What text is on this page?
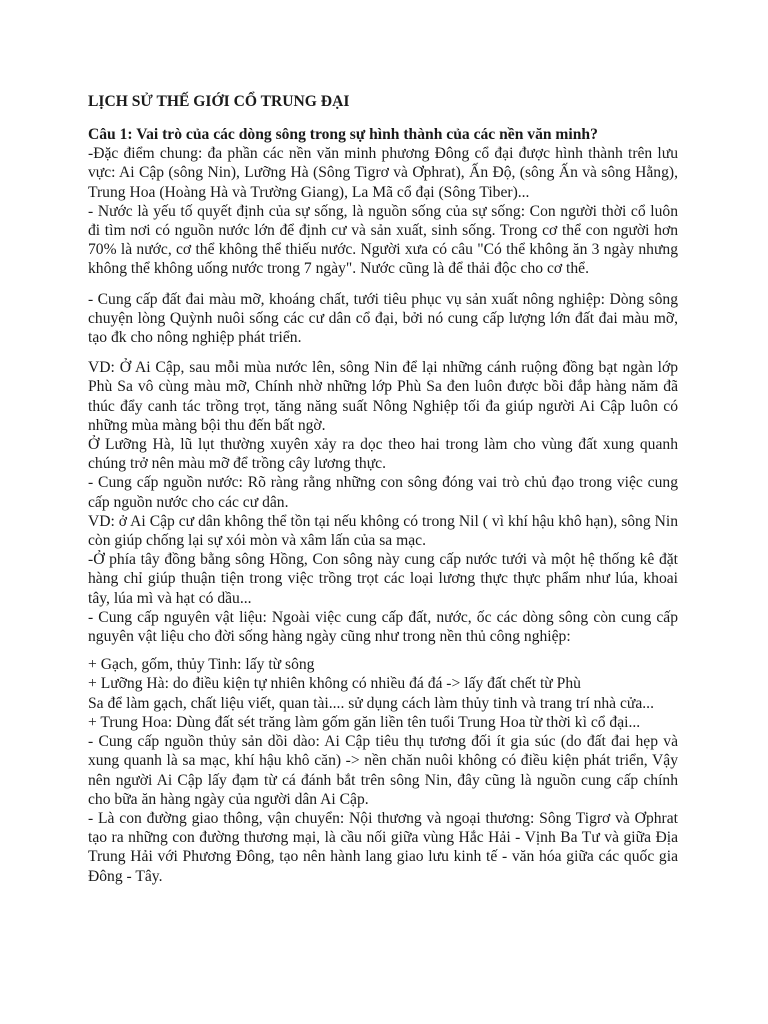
LỊCH SỬ THẾ GIỚI CỔ TRUNG ĐẠI

Câu 1: Vai trò của các dòng sông trong sự hình thành của các nền văn minh?

-Đặc điểm chung: đa phần các nền văn minh phương Đông cổ đại được hình thành trên lưu vực: Ai Cập (sông Nin), Lưỡng Hà (Sông Tigrơ và Ơphrat), Ấn Độ, (sông Ấn và sông Hằng), Trung Hoa (Hoàng Hà và Trường Giang), La Mã cổ đại (Sông Tiber)...

- Nước là yếu tố quyết định của sự sống, là nguồn sống của sự sống: Con người thời cổ luôn đi tìm nơi có nguồn nước lớn để định cư và sản xuất, sinh sống. Trong cơ thể con người hơn 70% là nước, cơ thể không thể thiếu nước. Người xưa có câu "Có thể không ăn 3 ngày nhưng không thể không uống nước trong 7 ngày". Nước cũng là để thải độc cho cơ thể.

- Cung cấp đất đai màu mỡ, khoáng chất, tưới tiêu phục vụ sản xuất nông nghiệp: Dòng sông chuyện lòng Quỳnh nuôi sống các cư dân cổ đại, bởi nó cung cấp lượng lớn đất đai màu mỡ, tạo đk cho nông nghiệp phát triển.

VD: Ở Ai Cập, sau mỗi mùa nước lên, sông Nin để lại những cánh ruộng đồng bạt ngàn lớp Phù Sa vô cùng màu mỡ, Chính nhờ những lớp Phù Sa đen luôn được bồi đắp hàng năm đã thúc đẩy canh tác trồng trọt, tăng năng suất Nông Nghiệp tối đa giúp người Ai Cập luôn có những mùa màng bội thu đến bất ngờ.

Ở Lưỡng Hà, lũ lụt thường xuyên xảy ra dọc theo hai trong làm cho vùng đất xung quanh chúng trở nên màu mỡ để trồng cây lương thực.

- Cung cấp nguồn nước: Rõ ràng rằng những con sông đóng vai trò chủ đạo trong việc cung cấp nguồn nước cho các cư dân.

VD: ở Ai Cập cư dân không thể tồn tại nếu không có trong Nil ( vì khí hậu khô hạn), sông Nin còn giúp chống lại sự xói mòn và xâm lấn của sa mạc.

-Ở phía tây đồng bằng sông Hồng, Con sông này cung cấp nước tưới và một hệ thống kê đặt hàng chỉ giúp thuận tiện trong việc trồng trọt các loại lương thực thực phẩm như lúa, khoai tây, lúa mì và hạt có dầu...

- Cung cấp nguyên vật liệu: Ngoài việc cung cấp đất, nước, ốc các dòng sông còn cung cấp nguyên vật liệu cho đời sống hàng ngày cũng như trong nền thủ công nghiệp:

+ Gạch, gốm, thủy Tinh: lấy từ sông

+ Lưỡng Hà: do điều kiện tự nhiên không có nhiều đá đá -> lấy đất chết từ Phù

Sa để làm gạch, chất liệu viết, quan tài.... sử dụng cách làm thủy tinh và trang trí nhà cửa...

+ Trung Hoa: Dùng đất sét trăng làm gốm găn liền tên tuổi Trung Hoa từ thời kì cổ đại...

- Cung cấp nguồn thủy sản dồi dào: Ai Cập tiêu thụ tương đối ít gia súc (do đất đai hẹp và xung quanh là sa mạc, khí hậu khô căn) -> nền chăn nuôi không có điều kiện phát triển, Vậy nên người Ai Cập lấy đạm từ cá đánh bắt trên sông Nin, đây cũng là nguồn cung cấp chính cho bữa ăn hàng ngày của người dân Ai Cập.

- Là con đường giao thông, vận chuyển: Nội thương và ngoại thương: Sông Tigrơ và Ơphrat tạo ra những con đường thương mại, là cầu nối giữa vùng Hắc Hải - Vịnh Ba Tư và giữa Địa Trung Hải với Phương Đông, tạo nên hành lang giao lưu kinh tế - văn hóa giữa các quốc gia Đông - Tây.
